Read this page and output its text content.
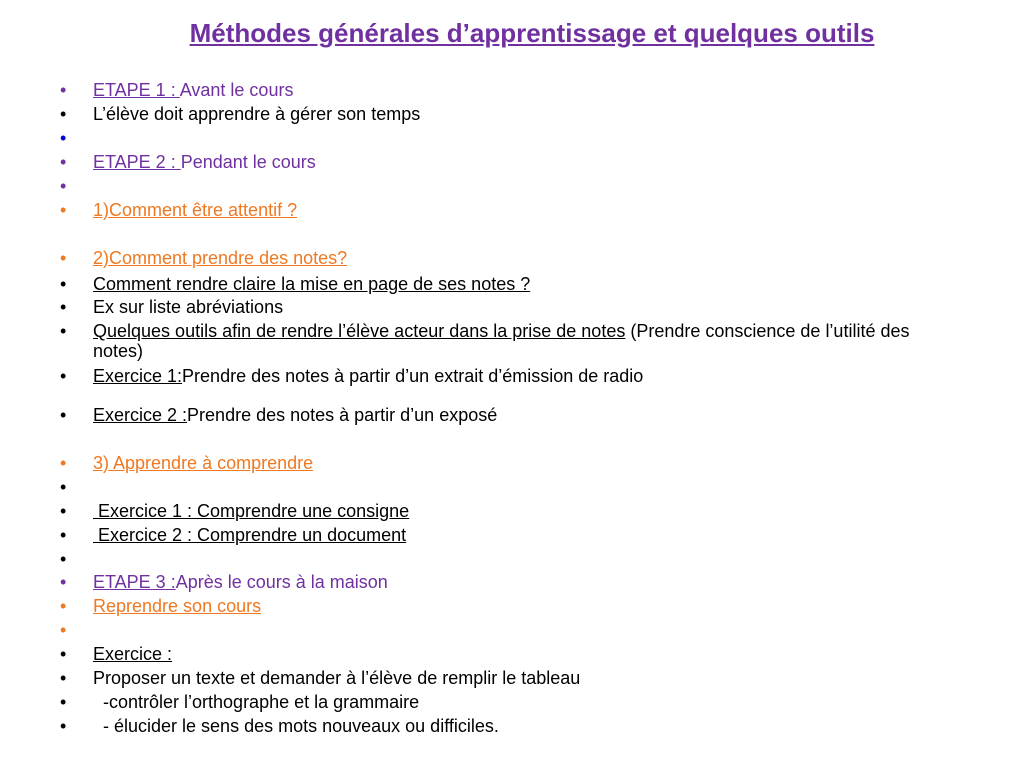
Méthodes générales d’apprentissage et quelques outils
•	ETAPE 1 : Avant le cours
•	L’élève doit apprendre à gérer son temps
•
•	ETAPE 2 : Pendant le cours
•
•	1)Comment être attentif ?
•	2)Comment prendre des notes?
•	Comment rendre claire la mise en page de ses notes ?
•	Ex sur liste abréviations
•	Quelques outils afin de rendre l’élève acteur dans la prise de notes (Prendre conscience de l’utilité des notes)
•	Exercice 1:Prendre des notes à partir d’un extrait d’émission de radio
•	Exercice 2 :Prendre des notes à partir d’un exposé
•	3) Apprendre à comprendre
•
•	Exercice 1 : Comprendre une consigne
•	Exercice 2 : Comprendre un document
•
•	ETAPE 3 :Après le cours à la maison
•	Reprendre son cours
•
•	Exercice :
•	Proposer un texte et demander à l’élève de remplir le tableau
•	-contrôler l’orthographe et la grammaire
•	- élucider le sens des mots nouveaux ou difficiles.
